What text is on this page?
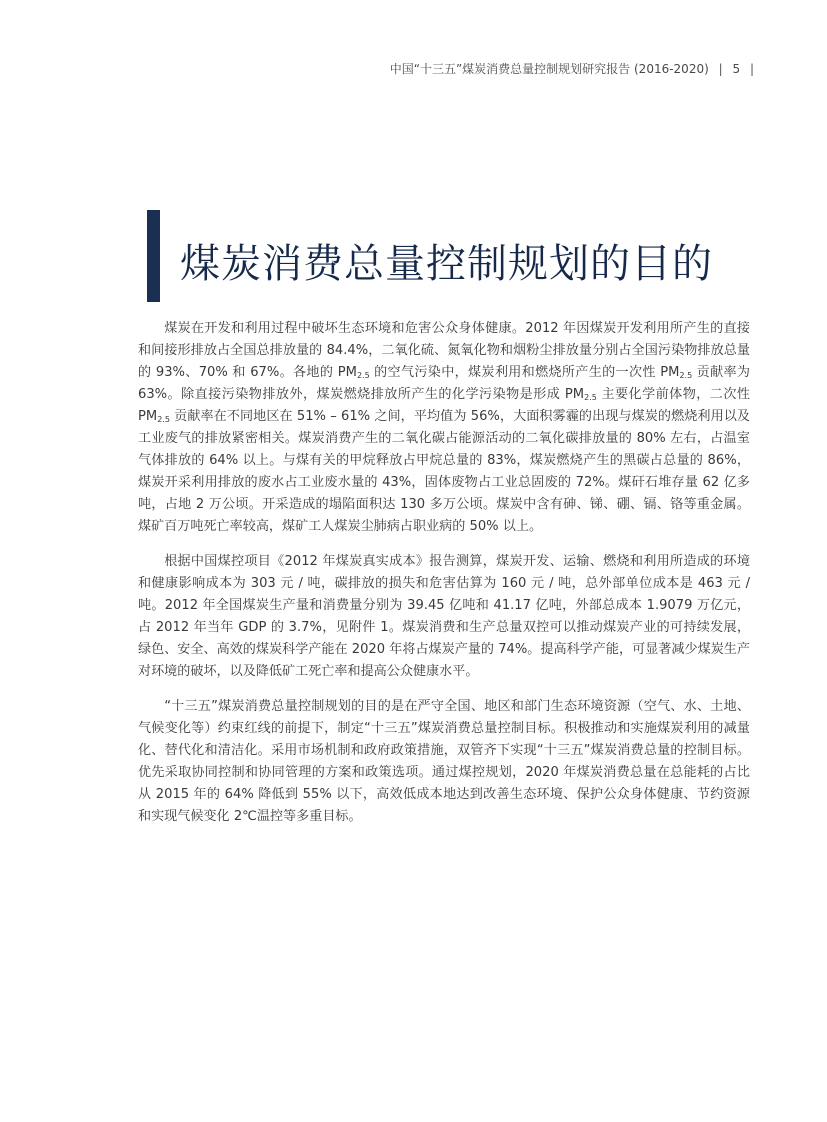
中国“十三五”煤炭消费总量控制规划研究报告 (2016-2020) | 5 |
煤炭消费总量控制规划的目的

煤炭在开发和利用过程中破坏生态环境和危害公众身体健康。2012 年因煤炭开发利用所产生的直接和间接形排放占全国总排放量的 84.4%，二氧化硫、氮氧化物和烟粉尘排放量分别占全国污染物排放总量的 93%、70% 和 67%。各地的 $PM_{2.5}$ 的空气污染中，煤炭利用和燃烧所产生的一次性 $PM_{2.5}$ 贡献率为 63%。除直接污染物排放外，煤炭燃烧排放所产生的化学污染物是形成 $PM_{2.5}$ 主要化学前体物，二次性 $PM_{2.5}$ 贡献率在不同地区在 51% – 61% 之间，平均值为 56%，大面积雾霾的出现与煤炭的燃烧利用以及工业废气的排放紧密相关。煤炭消费产生的二氧化碳占能源活动的二氧化碳排放量的 80% 左右，占温室气体排放的 64% 以上。与煤有关的甲烷释放占甲烷总量的 83%，煤炭燃烧产生的黑碳占总量的 86%，煤炭开采利用排放的废水占工业废水量的 43%，固体废物占工业总固废的 72%。煤矸石堆存量 62 亿多吨，占地 2 万公顷。开采造成的塌陷面积达 130 多万公顷。煤炭中含有砷、锑、硼、镉、铬等重金属。煤矿百万吨死亡率较高，煤矿工人煤炭尘肺病占职业病的 50% 以上。

根据中国煤控项目《2012 年煤炭真实成本》报告测算，煤炭开发、运输、燃烧和利用所造成的环境和健康影响成本为 303 元 / 吨，碳排放的损失和危害估算为 160 元 / 吨，总外部单位成本是 463 元 / 吨。2012 年全国煤炭生产量和消费量分别为 39.45 亿吨和 41.17 亿吨，外部总成本 1.9079 万亿元，占 2012 年当年 GDP 的 3.7%，见附件 1。煤炭消费和生产总量双控可以推动煤炭产业的可持续发展，绿色、安全、高效的煤炭科学产能在 2020 年将占煤炭产量的 74%。提高科学产能，可显著减少煤炭生产对环境的破坏，以及降低矿工死亡率和提高公众健康水平。

“十三五”煤炭消费总量控制规划的目的是在严守全国、地区和部门生态环境资源（空气、水、土地、气候变化等）约束红线的前提下，制定“十三五”煤炭消费总量控制目标。积极推动和实施煤炭利用的减量化、替代化和清洁化。采用市场机制和政府政策措施，双管齐下实现“十三五”煤炭消费总量的控制目标。优先采取协同控制和协同管理的方案和政策选项。通过煤控规划，2020 年煤炭消费总量在总能耗的占比从 2015 年的 64% 降低到 55% 以下，高效低成本地达到改善生态环境、保护公众身体健康、节约资源和实现气候变化 2℃温控等多重目标。
